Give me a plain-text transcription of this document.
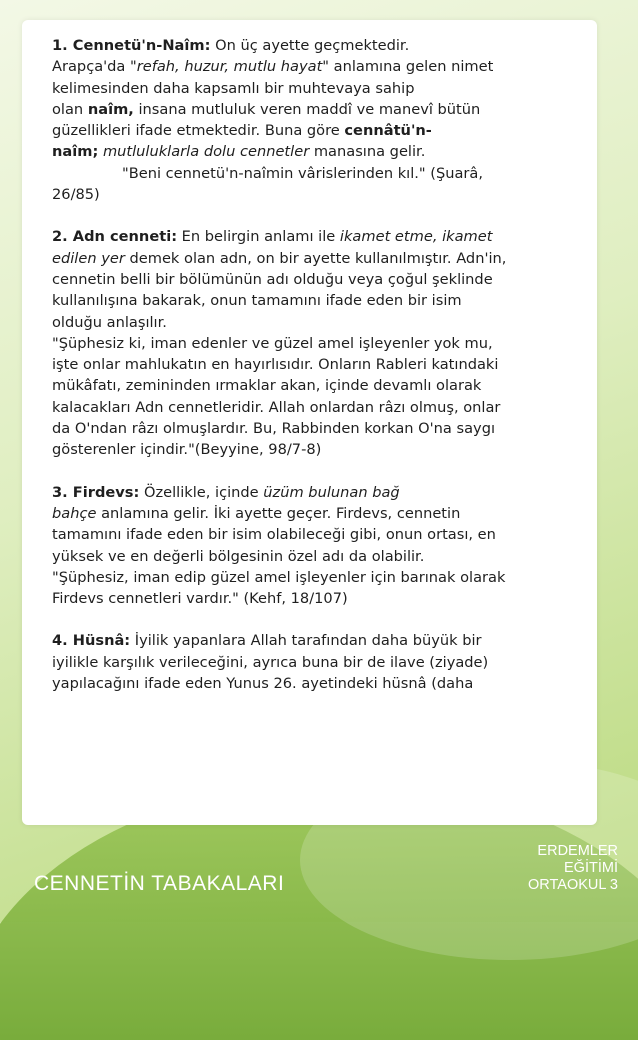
1. Cennetü'n-Naîm: On üç ayette geçmektedir.

Arapça'da "refah, huzur, mutlu hayat" anlamına gelen nimet

kelimesinden daha kapsamlı bir muhtevaya sahip

olan naîm, insana mutluluk veren maddî ve manevî bütün

güzellikleri ifade etmektedir. Buna göre cennâtü'n-

naîm; mutluluklarla dolu cennetler manasına gelir.

"Beni cennetü'n-naîmin vârislerinden kıl." (Şuarâ,

26/85)

2. Adn cenneti: En belirgin anlamı ile ikamet etme, ikamet

edilen yer demek olan adn, on bir ayette kullanılmıştır. Adn'in,

cennetin belli bir bölümünün adı olduğu veya çoğul şeklinde

kullanılışına bakarak, onun tamamını ifade eden bir isim

olduğu anlaşılır.

"Şüphesiz ki, iman edenler ve güzel amel işleyenler yok mu,

işte onlar mahlukatın en hayırlısıdır. Onların Rableri katındaki

mükâfatı, zemininden ırmaklar akan, içinde devamlı olarak

kalacakları Adn cennetleridir. Allah onlardan râzı olmuş, onlar

da O'ndan râzı olmuşlardır. Bu, Rabbinden korkan O'na saygı

gösterenler içindir."(Beyyine, 98/7-8)

3. Firdevs: Özellikle, içinde üzüm bulunan bağ

bahçe anlamına gelir. İki ayette geçer. Firdevs, cennetin

tamamını ifade eden bir isim olabileceği gibi, onun ortası, en

yüksek ve en değerli bölgesinin özel adı da olabilir.

"Şüphesiz, iman edip güzel amel işleyenler için barınak olarak

Firdevs cennetleri vardır." (Kehf, 18/107)

4. Hüsnâ: İyilik yapanlara Allah tarafından daha büyük bir

iyilikle karşılık verileceğini, ayrıca buna bir de ilave (ziyade)

yapılacağını ifade eden Yunus 26. ayetindeki hüsnâ (daha

CENNETİN TABAKALARI
ERDEMLER
EĞİTİMİ
ORTAOKUL 3
